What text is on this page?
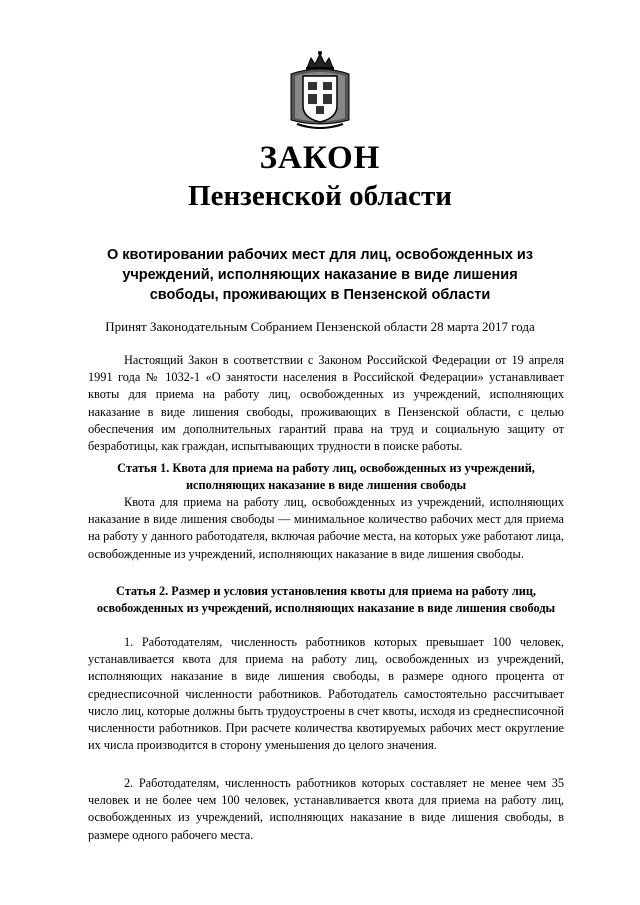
ЗАКОН
Пензенской области
О квотировании рабочих мест для лиц, освобожденных из учреждений, исполняющих наказание в виде лишения свободы, проживающих в Пензенской области
Принят Законодательным Собранием Пензенской области 28 марта 2017 года

Настоящий Закон в соответствии с Законом Российской Федерации от 19 апреля 1991 года № 1032-1 «О занятости населения в Российской Федерации» устанавливает квоты для приема на работу лиц, освобожденных из учреждений, исполняющих наказание в виде лишения свободы, проживающих в Пензенской области, с целью обеспечения им дополнительных гарантий права на труд и социальную защиту от безработицы, как граждан, испытывающих трудности в поиске работы.

Статья 1. Квота для приема на работу лиц, освобожденных из учреждений, исполняющих наказание в виде лишения свободы

Квота для приема на работу лиц, освобожденных из учреждений, исполняющих наказание в виде лишения свободы — минимальное количество рабочих мест для приема на работу у данного работодателя, включая рабочие места, на которых уже работают лица, освобожденные из учреждений, исполняющих наказание в виде лишения свободы.

Статья 2. Размер и условия установления квоты для приема на работу лиц, освобожденных из учреждений, исполняющих наказание в виде лишения свободы

1. Работодателям, численность работников которых превышает 100 человек, устанавливается квота для приема на работу лиц, освобожденных из учреждений, исполняющих наказание в виде лишения свободы, в размере одного процента от среднесписочной численности работников. Работодатель самостоятельно рассчитывает число лиц, которые должны быть трудоустроены в счет квоты, исходя из среднесписочной численности работников. При расчете количества квотируемых рабочих мест округление их числа производится в сторону уменьшения до целого значения.

2. Работодателям, численность работников которых составляет не менее чем 35 человек и не более чем 100 человек, устанавливается квота для приема на работу лиц, освобожденных из учреждений, исполняющих наказание в виде лишения свободы, в размере одного рабочего места.
